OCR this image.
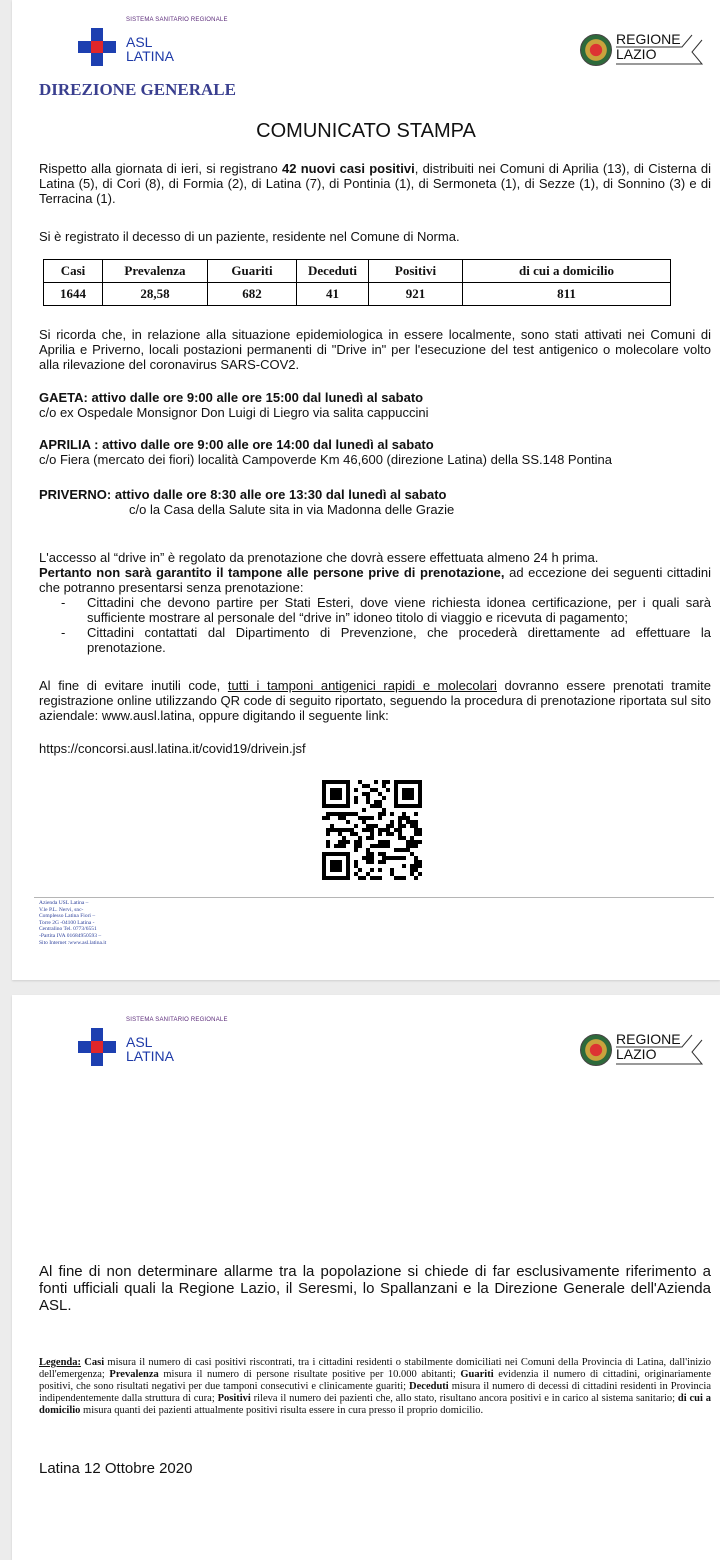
SISTEMA SANITARIO REGIONALE
ASL
LATINA
REGIONE
LAZIO
DIREZIONE GENERALE
COMUNICATO STAMPA
Rispetto alla giornata di ieri, si registrano 42 nuovi casi positivi, distribuiti nei Comuni di Aprilia (13), di Cisterna di Latina (5), di Cori (8), di Formia (2), di Latina (7), di Pontinia (1), di Sermoneta (1), di Sezze (1), di Sonnino (3) e di Terracina (1).
Si è registrato il decesso di un paziente, residente nel Comune di Norma.
Casi	Prevalenza	Guariti	Deceduti	Positivi	di cui a domicilio
1644	28,58	682	41	921	811
Si ricorda che, in relazione alla situazione epidemiologica in essere localmente, sono stati attivati nei Comuni di Aprilia e Priverno, locali postazioni permanenti di "Drive in" per l'esecuzione del test antigenico o molecolare volto alla rilevazione del coronavirus SARS-COV2.
GAETA: attivo dalle ore 9:00 alle ore 15:00 dal lunedì al sabato
c/o ex Ospedale Monsignor Don Luigi di Liegro via salita cappuccini
APRILIA : attivo dalle ore 9:00 alle ore 14:00 dal lunedì al sabato
c/o Fiera (mercato dei fiori) località Campoverde Km 46,600 (direzione Latina) della SS.148 Pontina
PRIVERNO: attivo dalle ore 8:30 alle ore 13:30 dal lunedì al sabato
c/o la Casa della Salute sita in via Madonna delle Grazie
L'accesso al “drive in” è regolato da prenotazione che dovrà essere effettuata almeno 24 h prima.
Pertanto non sarà garantito il tampone alle persone prive di prenotazione, ad eccezione dei seguenti cittadini che potranno presentarsi senza prenotazione:
- Cittadini che devono partire per Stati Esteri, dove viene richiesta idonea certificazione, per i quali sarà sufficiente mostrare al personale del “drive in” idoneo titolo di viaggio e ricevuta di pagamento;
- Cittadini contattati dal Dipartimento di Prevenzione, che procederà direttamente ad effettuare la prenotazione.
Al fine di evitare inutili code, tutti i tamponi antigenici rapidi e molecolari dovranno essere prenotati tramite registrazione online utilizzando QR code di seguito riportato, seguendo la procedura di prenotazione riportata sul sito aziendale: www.ausl.latina, oppure digitando il seguente link:
https://concorsi.ausl.latina.it/covid19/drivein.jsf
Azienda USL Latina –
V.le P.L. Nervi, snc-
Complesso Latina Fiori –
Torre 2G -04100 Latina -
Centralino Tel. 0773/6551
-Partita IVA 01684950593 –
Sito Internet :www.asl.latina.it
SISTEMA SANITARIO REGIONALE
ASL
LATINA
REGIONE
LAZIO
Al fine di non determinare allarme tra la popolazione si chiede di far esclusivamente riferimento a fonti ufficiali quali la Regione Lazio, il Seresmi, lo Spallanzani e la Direzione Generale dell'Azienda ASL.
Legenda: Casi misura il numero di casi positivi riscontrati, tra i cittadini residenti o stabilmente domiciliati nei Comuni della Provincia di Latina, dall'inizio dell'emergenza; Prevalenza misura il numero di persone risultate positive per 10.000 abitanti; Guariti evidenzia il numero di cittadini, originariamente positivi, che sono risultati negativi per due tamponi consecutivi e clinicamente guariti; Deceduti misura il numero di decessi di cittadini residenti in Provincia indipendentemente dalla struttura di cura; Positivi rileva il numero dei pazienti che, allo stato, risultano ancora positivi e in carico al sistema sanitario; di cui a domicilio misura quanti dei pazienti attualmente positivi risulta essere in cura presso il proprio domicilio.
Latina 12 Ottobre 2020
